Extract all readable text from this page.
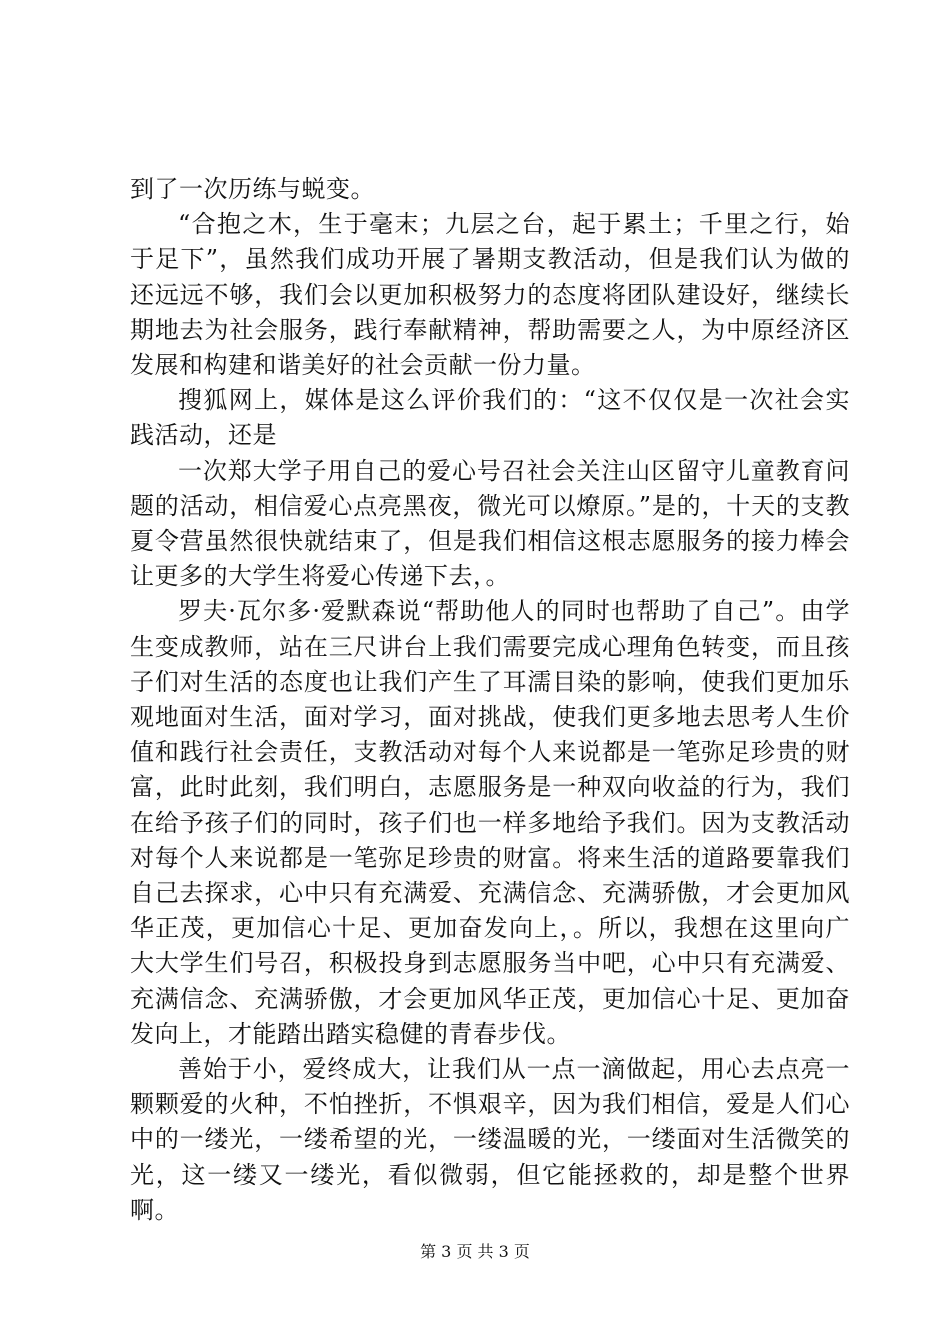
到了一次历练与蜕变。

“合抱之木，生于毫末；九层之台，起于累土；千里之行，始于足下”，虽然我们成功开展了暑期支教活动，但是我们认为做的还远远不够，我们会以更加积极努力的态度将团队建设好，继续长期地去为社会服务，践行奉献精神，帮助需要之人，为中原经济区发展和构建和谐美好的社会贡献一份力量。

搜狐网上，媒体是这么评价我们的：“这不仅仅是一次社会实践活动，还是

一次郑大学子用自己的爱心号召社会关注山区留守儿童教育问题的活动，相信爱心点亮黑夜，微光可以燎原。”是的，十天的支教夏令营虽然很快就结束了，但是我们相信这根志愿服务的接力棒会让更多的大学生将爱心传递下去，。

罗夫·瓦尔多·爱默森说“帮助他人的同时也帮助了自己”。由学生变成教师，站在三尺讲台上我们需要完成心理角色转变，而且孩子们对生活的态度也让我们产生了耳濡目染的影响，使我们更加乐观地面对生活，面对学习，面对挑战，使我们更多地去思考人生价值和践行社会责任，支教活动对每个人来说都是一笔弥足珍贵的财富，此时此刻，我们明白，志愿服务是一种双向收益的行为，我们在给予孩子们的同时，孩子们也一样多地给予我们。因为支教活动对每个人来说都是一笔弥足珍贵的财富。将来生活的道路要靠我们自己去探求，心中只有充满爱、充满信念、充满骄傲，才会更加风华正茂，更加信心十足、更加奋发向上，。所以，我想在这里向广大大学生们号召，积极投身到志愿服务当中吧，心中只有充满爱、充满信念、充满骄傲，才会更加风华正茂，更加信心十足、更加奋发向上，才能踏出踏实稳健的青春步伐。

善始于小，爱终成大，让我们从一点一滴做起，用心去点亮一颗颗爱的火种，不怕挫折，不惧艰辛，因为我们相信，爱是人们心中的一缕光，一缕希望的光，一缕温暖的光，一缕面对生活微笑的光，这一缕又一缕光，看似微弱，但它能拯救的，却是整个世界啊。

第 3 页 共 3 页
